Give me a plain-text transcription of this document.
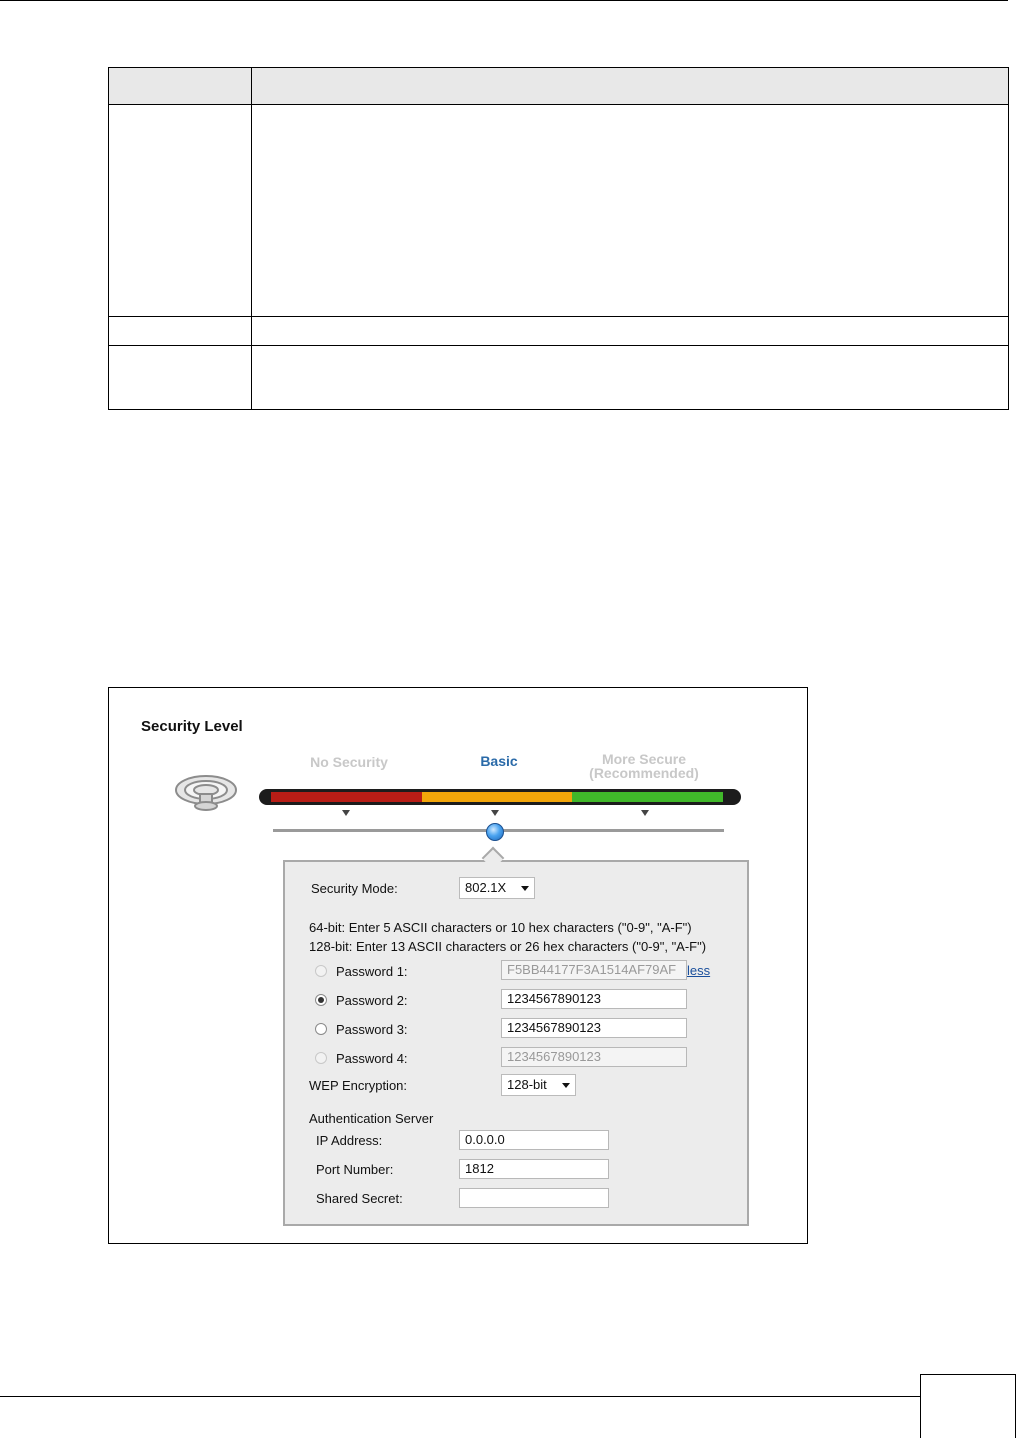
Security Level
No Security	Basic	More Secure
(Recommended)
Security Mode:	802.1X
64-bit: Enter 5 ASCII characters or 10 hex characters ("0-9", "A-F")
128-bit: Enter 13 ASCII characters or 26 hex characters ("0-9", "A-F")
Password 1:	F5BB44177F3A1514AF79AF less
Password 2:	1234567890123
Password 3:	1234567890123
Password 4:	1234567890123
WEP Encryption:	128-bit
Authentication Server
IP Address:	0.0.0.0
Port Number:	1812
Shared Secret:
